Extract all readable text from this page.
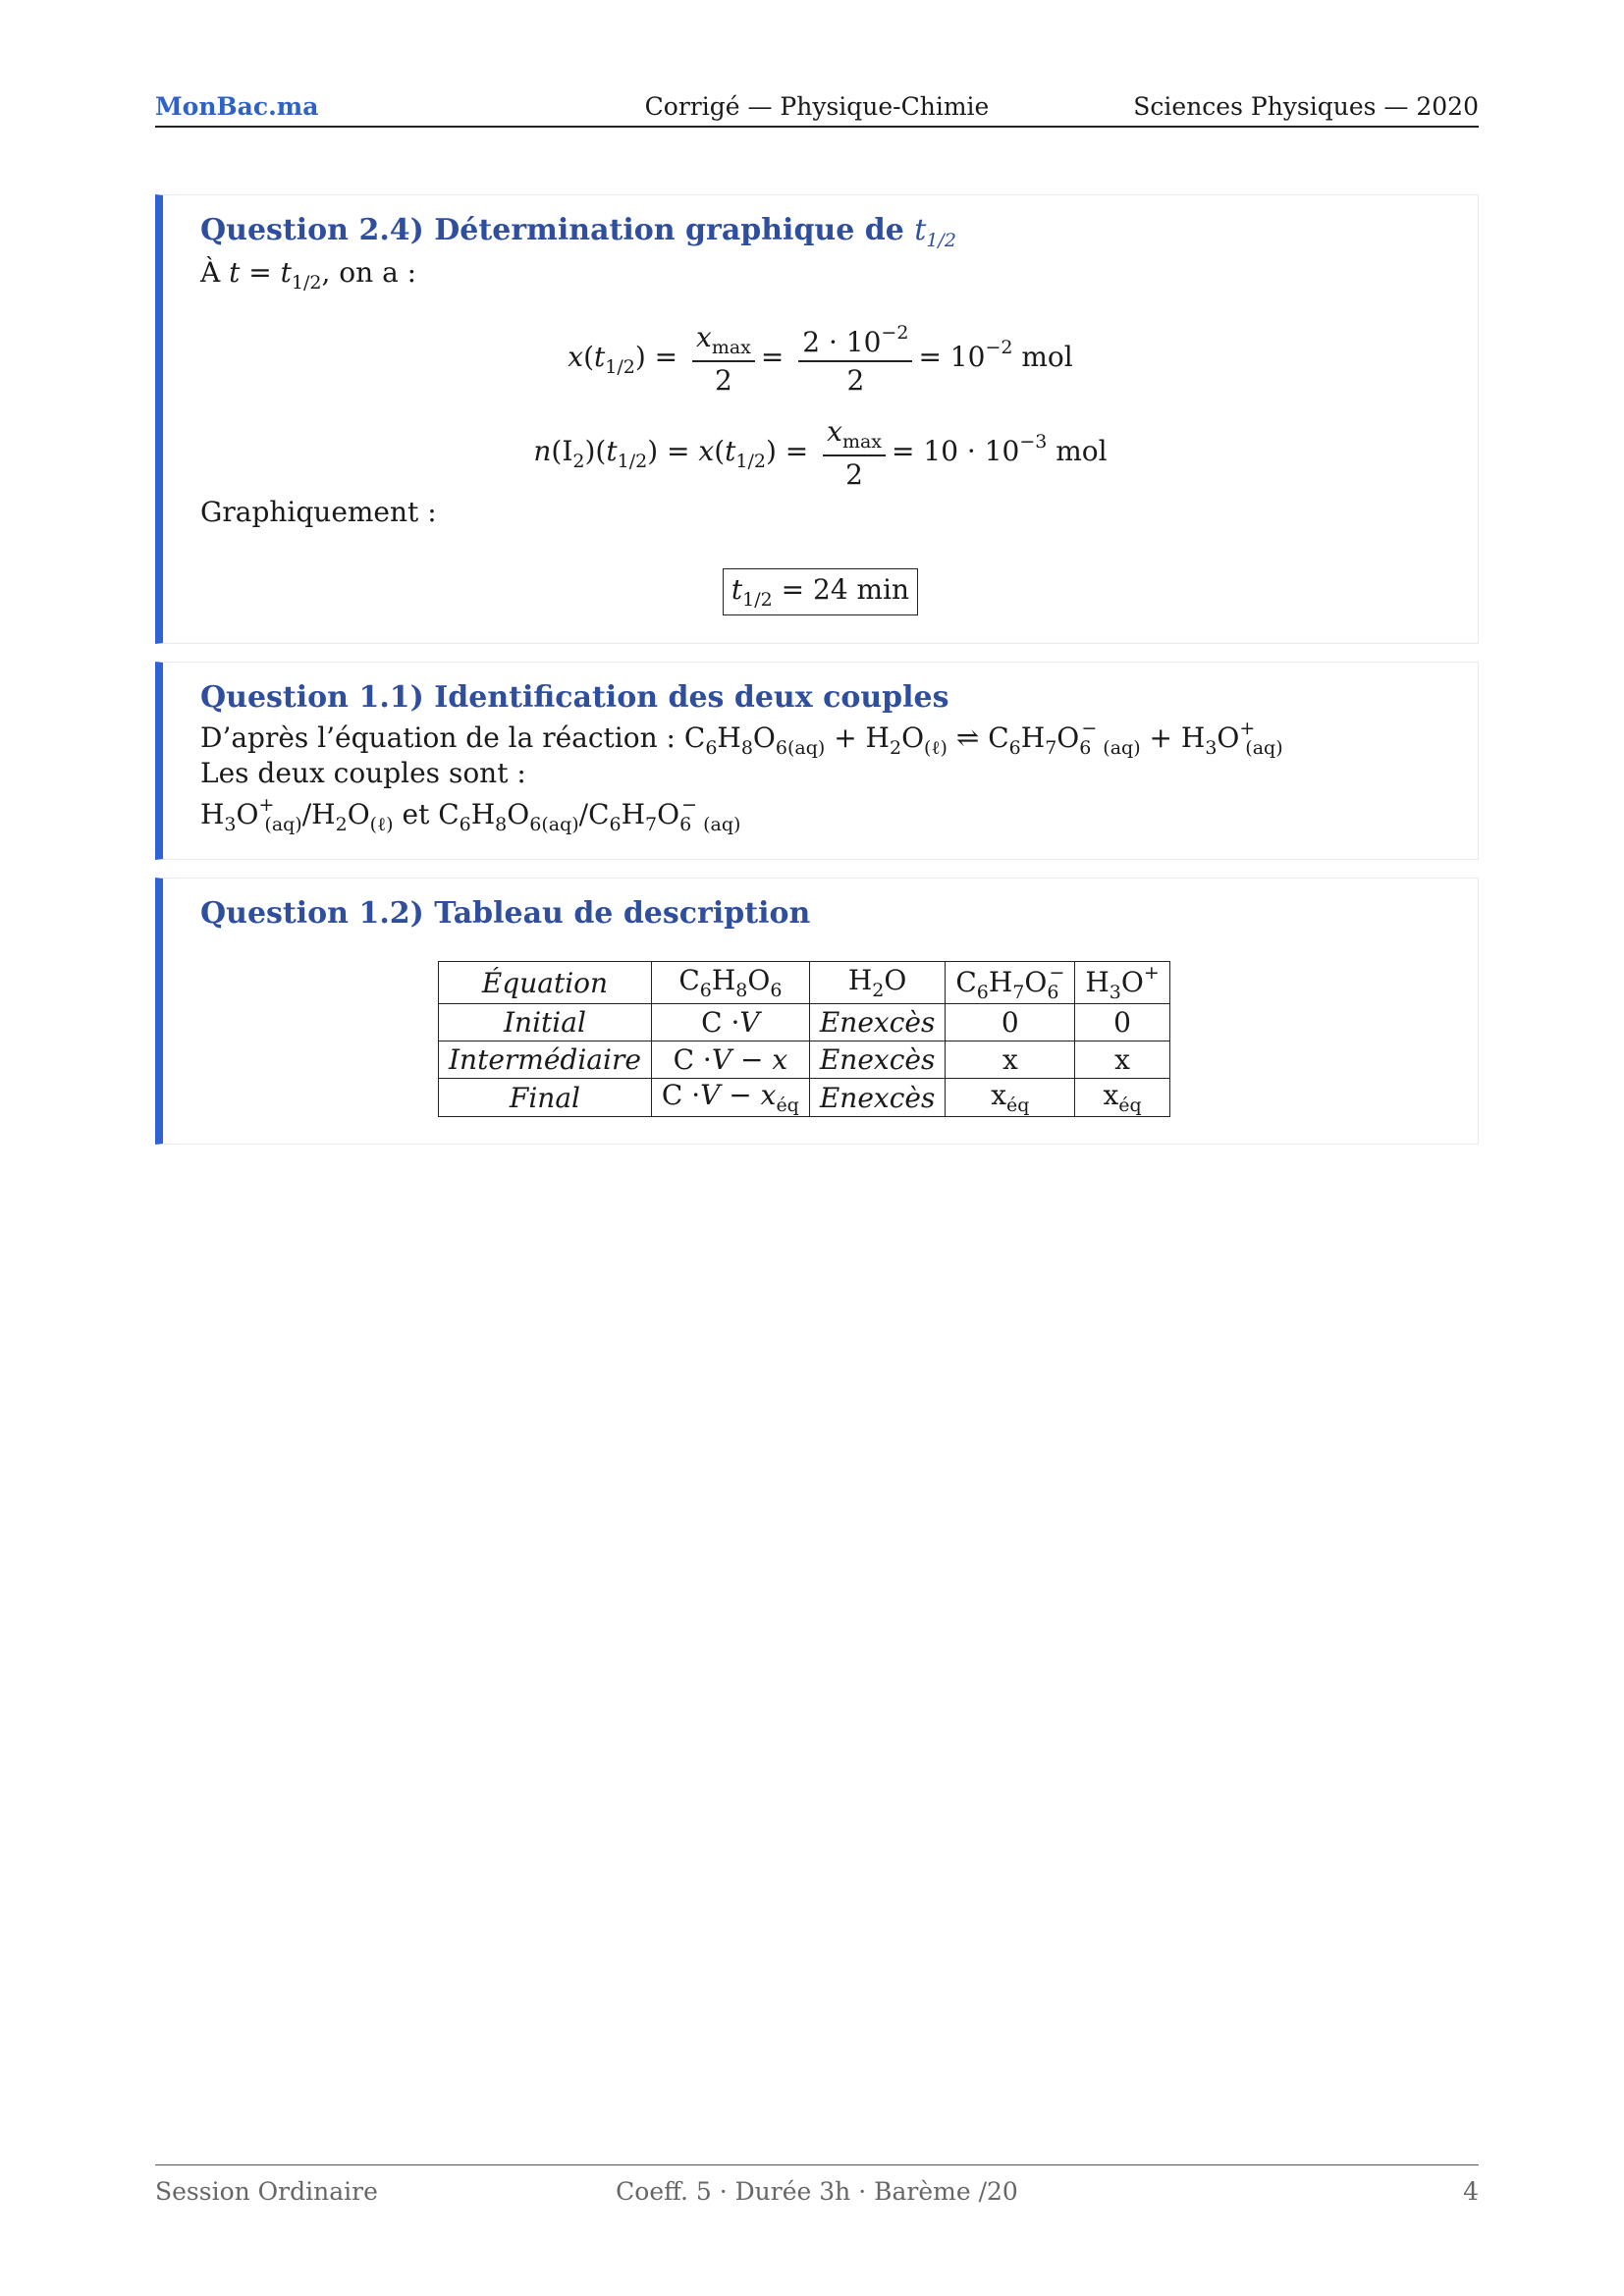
MonBac.ma	Corrigé — Physique-Chimie	Sciences Physiques — 2020
Question 2.4) Détermination graphique de $t_{1/2}$
À $t = t_{1/2}$, on a :
$x(t_{1/2}) = \frac{x_{max}}{2} = \frac{2 \cdot 10^{-2}}{2} = 10^{-2}$ mol
$n(I_2)(t_{1/2}) = x(t_{1/2}) = \frac{x_{max}}{2} = 10 \cdot 10^{-3}$ mol
Graphiquement :
$t_{1/2} = 24$ min
Question 1.1) Identification des deux couples
D’après l’équation de la réaction : $C_6H_8O_{6(aq)} + H_2O_{(\ell)}$ ⇌ $C_6H_7O_6^-$ $_{(aq)} + H_3O^+_{(aq)}$
Les deux couples sont :
$H_3O^+_{(aq)}/H_2O_{(\ell)}$ et $C_6H_8O_{6(aq)}/C_6H_7O_6^-$ $_{(aq)}$
Question 1.2) Tableau de description
Équation	$C_6H_8O_6$	$H_2O$	$C_6H_7O_6^-$	$H_3O^+$
Initial	C ·V	Enexcès	0	0
Intermédiaire	C ·V − x	Enexcès	x	x
Final	$C \cdot V - x_{éq}$	Enexcès	$x_{éq}$	$x_{éq}$
Session Ordinaire	Coeff. 5 · Durée 3h · Barème /20	4
